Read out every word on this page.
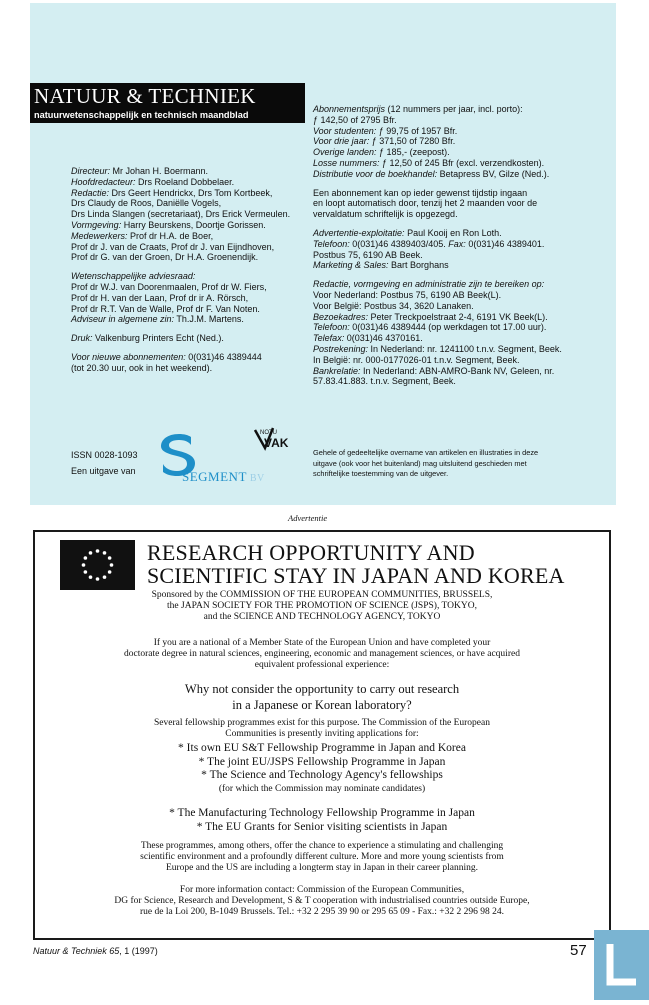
NATUUR & TECHNIEK
natuurwetenschappelijk en technisch maandblad

Directeur: Mr Johan H. Boermann.

Hoofdredacteur: Drs Roeland Dobbelaer.

Redactie: Drs Geert Hendrickx, Drs Tom Kortbeek,

Drs Claudy de Roos, Daniëlle Vogels,

Drs Linda Slangen (secretariaat), Drs Erick Vermeulen.

Vormgeving: Harry Beurskens, Doortje Gorissen.

Medewerkers: Prof dr H.A. de Boer,

Prof dr J. van de Craats, Prof dr J. van Eijndhoven,

Prof dr G. van der Groen, Dr H.A. Groenendijk.

Wetenschappelijke adviesraad:

Prof dr W.J. van Doorenmaalen, Prof dr W. Fiers,

Prof dr H. van der Laan, Prof dr ir A. Rörsch,

Prof dr R.T. Van de Walle, Prof dr F. Van Noten.

Adviseur in algemene zin: Th.J.M. Martens.

Druk: Valkenburg Printers Echt (Ned.).

Voor nieuwe abonnementen: 0(031)46 4389444

(tot 20.30 uur, ook in het weekend).

Abonnementsprijs (12 nummers per jaar, incl. porto):

ƒ 142,50 of 2795 Bfr.

Voor studenten: ƒ 99,75 of 1957 Bfr.

Voor drie jaar: ƒ 371,50 of 7280 Bfr.

Overige landen: ƒ 185,- (zeepost).

Losse nummers: ƒ 12,50 of 245 Bfr (excl. verzendkosten).

Distributie voor de boekhandel: Betapress BV, Gilze (Ned.).

Een abonnement kan op ieder gewenst tijdstip ingaan

en loopt automatisch door, tenzij het 2 maanden voor de

vervaldatum schriftelijk is opgezegd.

Advertentie-exploitatie: Paul Kooij en Ron Loth.

Telefoon: 0(031)46 4389403/405. Fax: 0(031)46 4389401.

Postbus 75, 6190 AB Beek.

Marketing & Sales: Bart Borghans

Redactie, vormgeving en administratie zijn te bereiken op:

Voor Nederland: Postbus 75, 6190 AB Beek(L).

Voor België: Postbus 34, 3620 Lanaken.

Bezoekadres: Peter Treckpoelstraat 2-4, 6191 VK Beek(L).

Telefoon: 0(031)46 4389444 (op werkdagen tot 17.00 uur).

Telefax: 0(031)46 4370161.

Postrekening: In Nederland: nr. 1241100 t.n.v. Segment, Beek.

In België: nr. 000-0177026-01 t.n.v. Segment, Beek.

Bankrelatie: In Nederland: ABN-AMRO-Bank NV, Geleen, nr.

57.83.41.883. t.n.v. Segment, Beek.

ISSN 0028-1093

Een uitgave van	SEGMENT BV
NOTU
VAK

Gehele of gedeeltelijke overname van artikelen en illustraties in deze

uitgave (ook voor het buitenland) mag uitsluitend geschieden met

schriftelijke toestemming van de uitgever.

Advertentie

RESEARCH OPPORTUNITY AND

SCIENTIFIC STAY IN JAPAN AND KOREA

Sponsored by the COMMISSION OF THE EUROPEAN COMMUNITIES, BRUSSELS,

the JAPAN SOCIETY FOR THE PROMOTION OF SCIENCE (JSPS), TOKYO,

and the SCIENCE AND TECHNOLOGY AGENCY, TOKYO

If you are a national of a Member State of the European Union and have completed your

doctorate degree in natural sciences, engineering, economic and management sciences, or have acquired

equivalent professional experience:

Why not consider the opportunity to carry out research

in a Japanese or Korean laboratory?

Several fellowship programmes exist for this purpose. The Commission of the European

Communities is presently inviting applications for:

* Its own EU S&T Fellowship Programme in Japan and Korea

* The joint EU/JSPS Fellowship Programme in Japan

* The Science and Technology Agency's fellowships

(for which the Commission may nominate candidates)

* The Manufacturing Technology Fellowship Programme in Japan

* The EU Grants for Senior visiting scientists in Japan

These programmes, among others, offer the chance to experience a stimulating and challenging

scientific environment and a profoundly different culture. More and more young scientists from

Europe and the US are including a longterm stay in Japan in their career planning.

For more information contact: Commission of the European Communities,

DG for Science, Research and Development, S & T cooperation with industrialised countries outside Europe,

rue de la Loi 200, B-1049 Brussels. Tel.: +32 2 295 39 90 or 295 65 09 - Fax.: +32 2 296 98 24.

Natuur & Techniek 65, 1 (1997)	57
